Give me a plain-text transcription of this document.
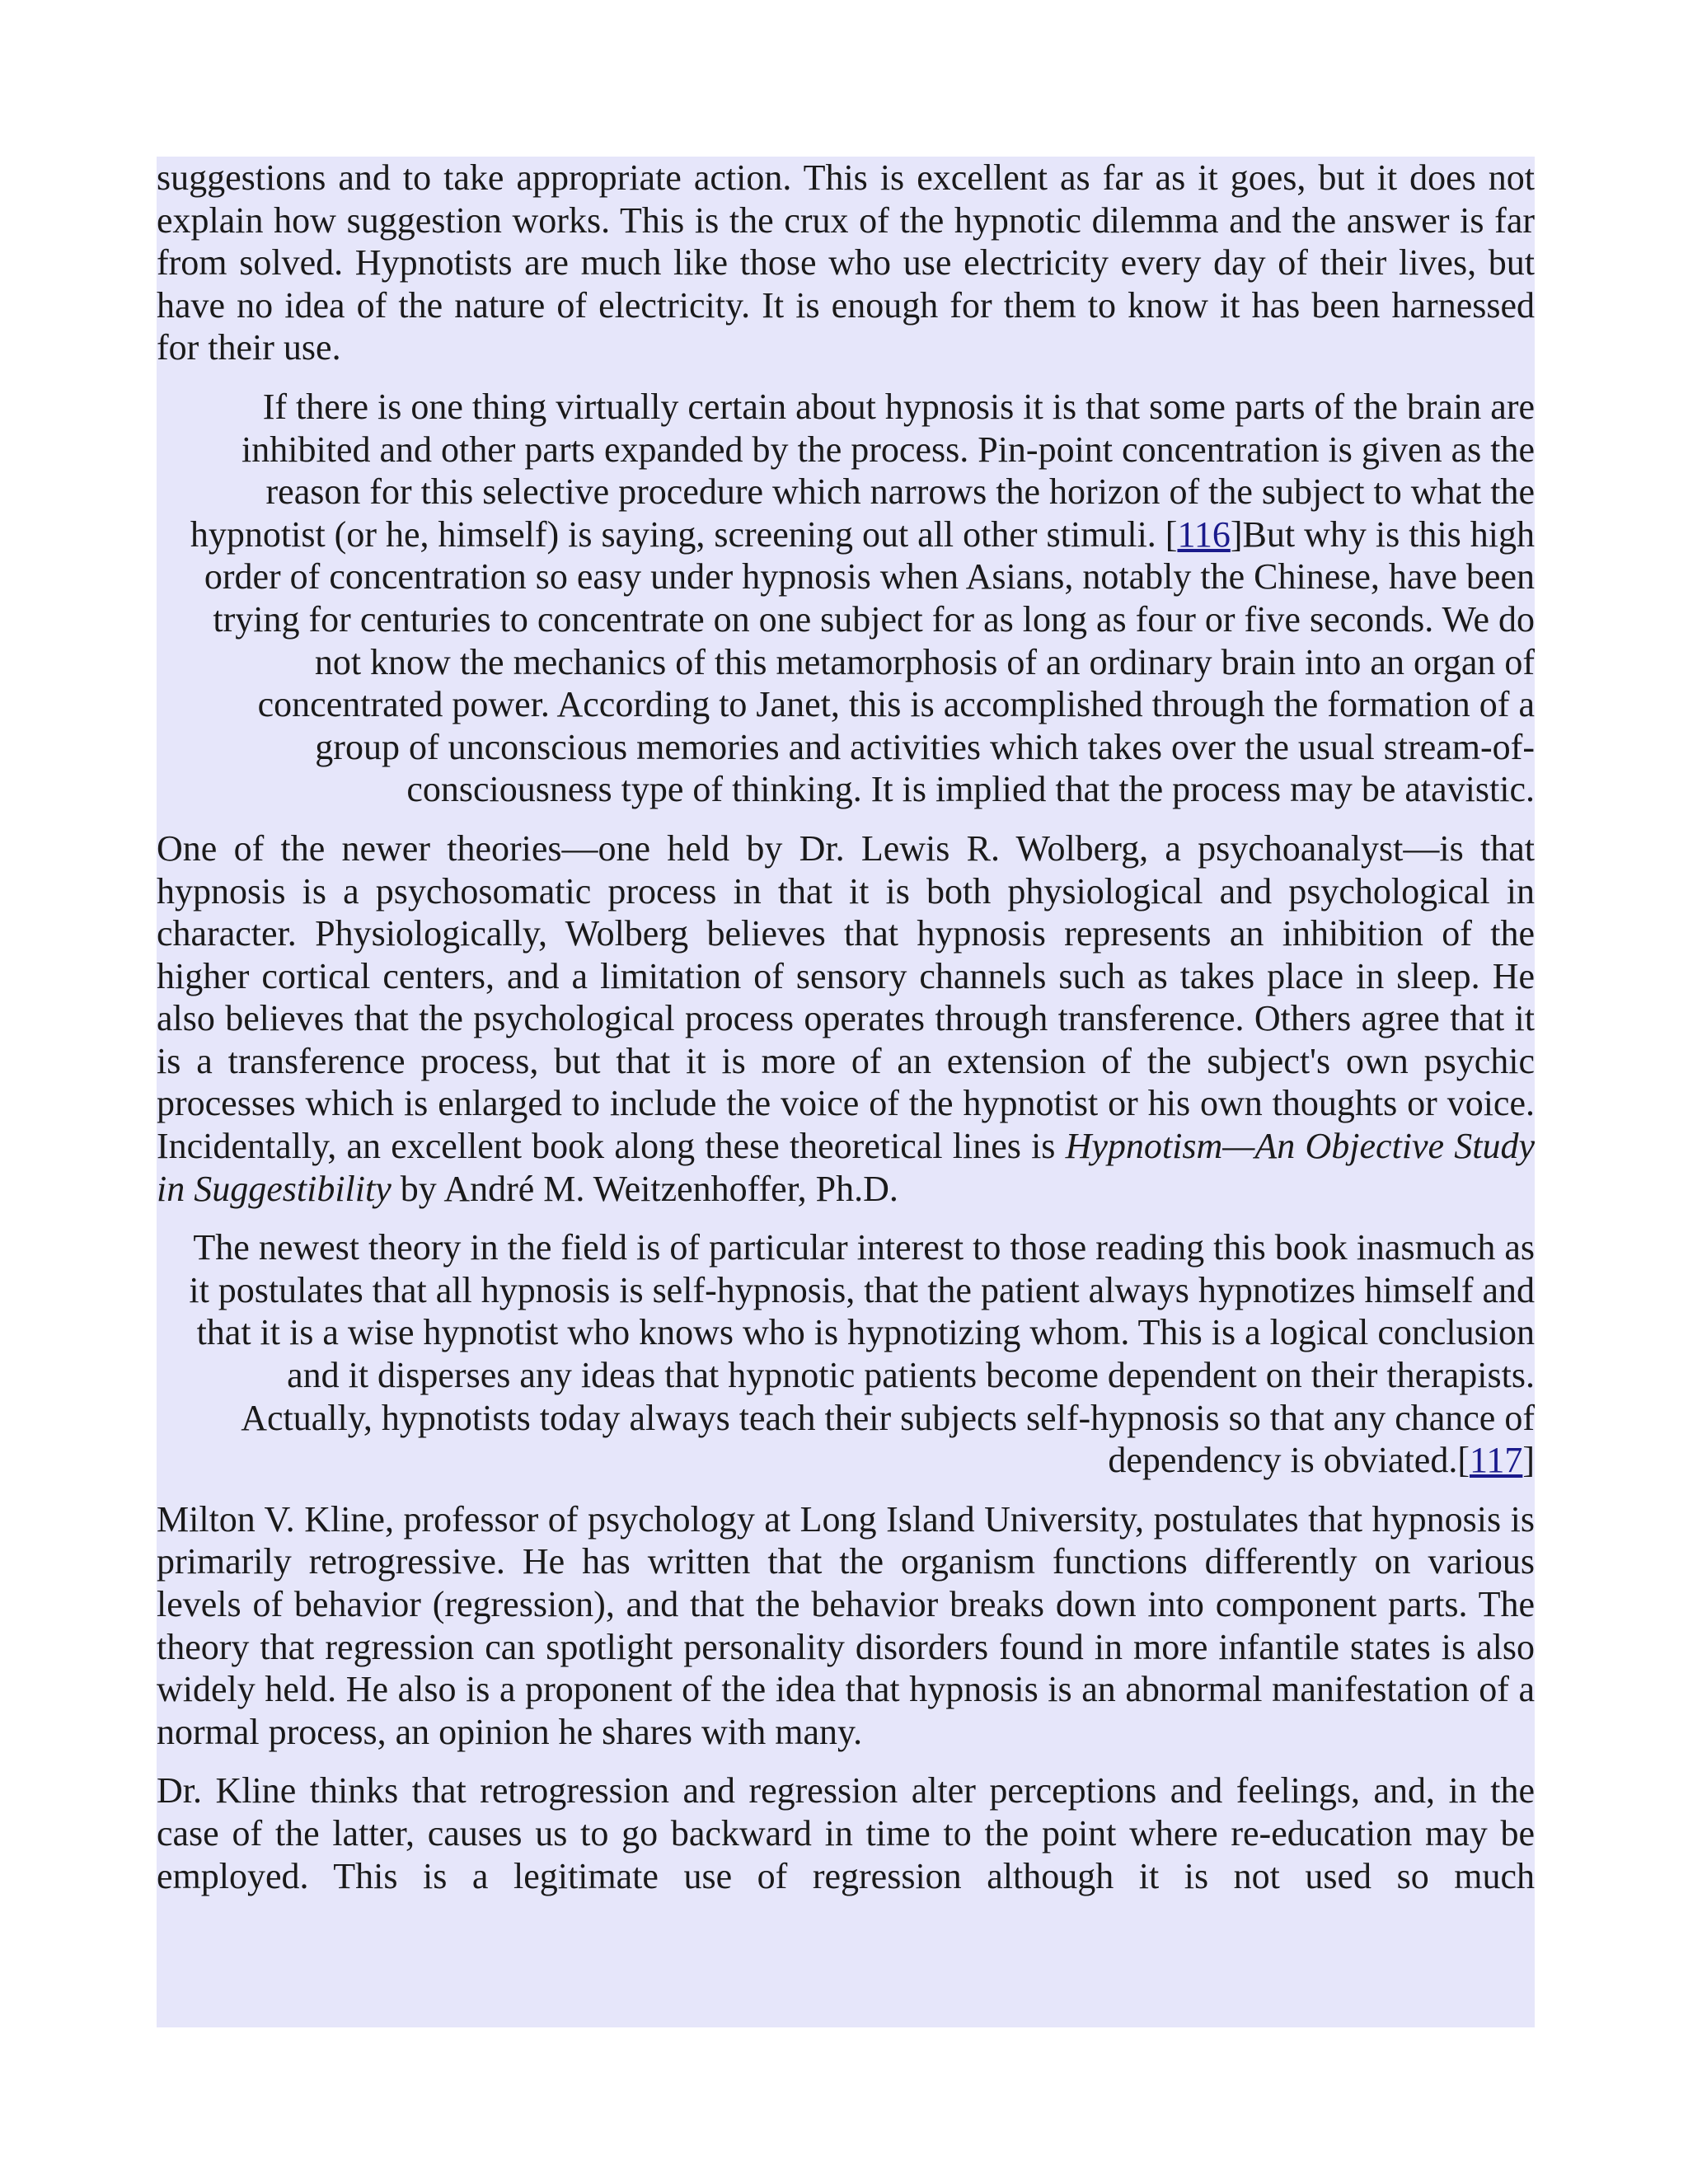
suggestions and to take appropriate action. This is excellent as far as it goes, but it does not explain how suggestion works. This is the crux of the hypnotic dilemma and the answer is far from solved. Hypnotists are much like those who use electricity every day of their lives, but have no idea of the nature of electricity. It is enough for them to know it has been harnessed for their use.

If there is one thing virtually certain about hypnosis it is that some parts of the brain are inhibited and other parts expanded by the process. Pin-point concentration is given as the reason for this selective procedure which narrows the horizon of the subject to what the hypnotist (or he, himself) is saying, screening out all other stimuli. [116]But why is this high order of concentration so easy under hypnosis when Asians, notably the Chinese, have been trying for centuries to concentrate on one subject for as long as four or five seconds. We do not know the mechanics of this metamorphosis of an ordinary brain into an organ of concentrated power. According to Janet, this is accomplished through the formation of a group of unconscious memories and activities which takes over the usual stream-of-consciousness type of thinking. It is implied that the process may be atavistic.

One of the newer theories—one held by Dr. Lewis R. Wolberg, a psychoanalyst—is that hypnosis is a psychosomatic process in that it is both physiological and psychological in character. Physiologically, Wolberg believes that hypnosis represents an inhibition of the higher cortical centers, and a limitation of sensory channels such as takes place in sleep. He also believes that the psychological process operates through transference. Others agree that it is a transference process, but that it is more of an extension of the subject's own psychic processes which is enlarged to include the voice of the hypnotist or his own thoughts or voice. Incidentally, an excellent book along these theoretical lines is Hypnotism—An Objective Study in Suggestibility by André M. Weitzenhoffer, Ph.D.

The newest theory in the field is of particular interest to those reading this book inasmuch as it postulates that all hypnosis is self-hypnosis, that the patient always hypnotizes himself and that it is a wise hypnotist who knows who is hypnotizing whom. This is a logical conclusion and it disperses any ideas that hypnotic patients become dependent on their therapists. Actually, hypnotists today always teach their subjects self-hypnosis so that any chance of dependency is obviated.[117]

Milton V. Kline, professor of psychology at Long Island University, postulates that hypnosis is primarily retrogressive. He has written that the organism functions differently on various levels of behavior (regression), and that the behavior breaks down into component parts. The theory that regression can spotlight personality disorders found in more infantile states is also widely held. He also is a proponent of the idea that hypnosis is an abnormal manifestation of a normal process, an opinion he shares with many.

Dr. Kline thinks that retrogression and regression alter perceptions and feelings, and, in the case of the latter, causes us to go backward in time to the point where re-education may be employed. This is a legitimate use of regression although it is not used so much
